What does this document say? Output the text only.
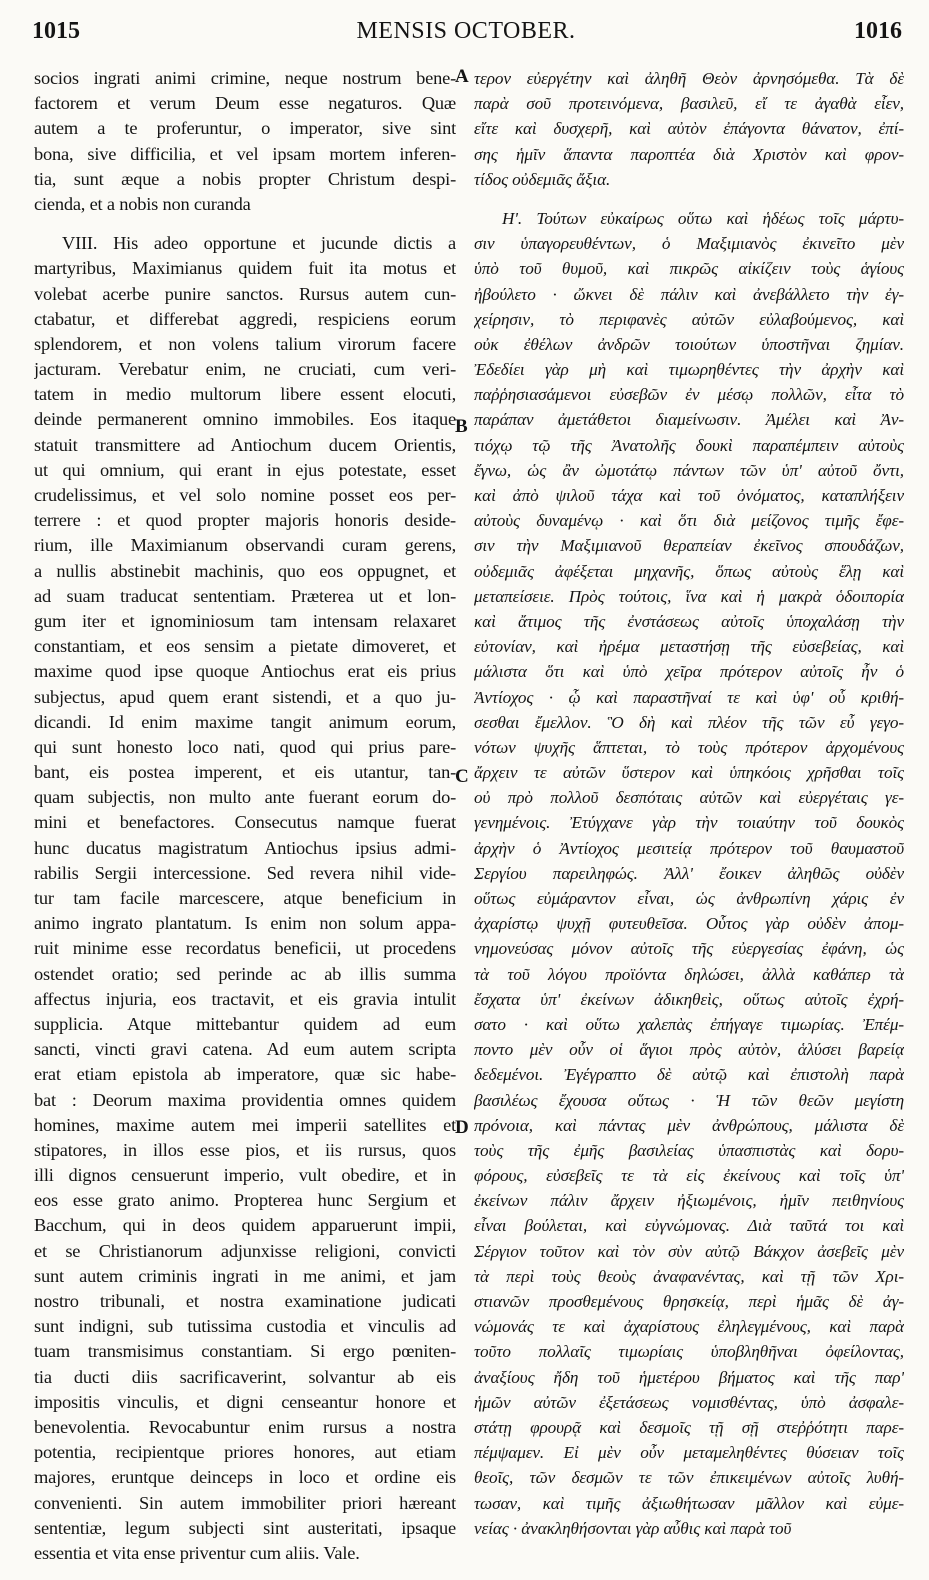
1015	MENSIS OCTOBER.	1016
socios ingrati animi crimine, neque nostrum bene-
factorem et verum Deum esse negaturos. Quæ
autem a te proferuntur, o imperator, sive sint
bona, sive difficilia, et vel ipsam mortem inferen-
tia, sunt æque a nobis propter Christum despi-
cienda, et a nobis non curanda
VIII. His adeo opportune et jucunde dictis a
martyribus, Maximianus quidem fuit ita motus et
volebat acerbe punire sanctos. Rursus autem cun-
ctabatur, et differebat aggredi, respiciens eorum
splendorem, et non volens talium virorum facere
jacturam. Verebatur enim, ne cruciati, cum veri-
tatem in medio multorum libere essent elocuti,
deinde permanerent omnino immobiles. Eos itaque
statuit transmittere ad Antiochum ducem Orientis,
ut qui omnium, qui erant in ejus potestate, esset
crudelissimus, et vel solo nomine posset eos per-
terrere : et quod propter majoris honoris deside-
rium, ille Maximianum observandi curam gerens,
a nullis abstinebit machinis, quo eos oppugnet, et
ad suam traducat sententiam. Præterea ut et lon-
gum iter et ignominiosum tam intensam relaxaret
constantiam, et eos sensim a pietate dimoveret, et
maxime quod ipse quoque Antiochus erat eis prius
subjectus, apud quem erant sistendi, et a quo ju-
dicandi. Id enim maxime tangit animum eorum,
qui sunt honesto loco nati, quod qui prius pare-
bant, eis postea imperent, et eis utantur, tan-
quam subjectis, non multo ante fuerant eorum do-
mini et benefactores. Consecutus namque fuerat
hunc ducatus magistratum Antiochus ipsius admi-
rabilis Sergii intercessione. Sed revera nihil vide-
tur tam facile marcescere, atque beneficium in
animo ingrato plantatum. Is enim non solum appa-
ruit minime esse recordatus beneficii, ut procedens
ostendet oratio; sed perinde ac ab illis summa
affectus injuria, eos tractavit, et eis gravia intulit
supplicia. Atque mittebantur quidem ad eum
sancti, vincti gravi catena. Ad eum autem scripta
erat etiam epistola ab imperatore, quæ sic habe-
bat : Deorum maxima providentia omnes quidem
homines, maxime autem mei imperii satellites et
stipatores, in illos esse pios, et iis rursus, quos
illi dignos censuerunt imperio, vult obedire, et in
eos esse grato animo. Propterea hunc Sergium et
Bacchum, qui in deos quidem apparuerunt impii,
et se Christianorum adjunxisse religioni, convicti
sunt autem criminis ingrati in me animi, et jam
nostro tribunali, et nostra examinatione judicati
sunt indigni, sub tutissima custodia et vinculis ad
tuam transmisimus constantiam. Si ergo pœniten-
tia ducti diis sacrificaverint, solvantur ab eis
impositis vinculis, et digni censeantur honore et
benevolentia. Revocabuntur enim rursus a nostra
potentia, recipientque priores honores, aut etiam
majores, eruntque deinceps in loco et ordine eis
convenienti. Sin autem immobiliter priori hæreant
sententiæ, legum subjecti sint austeritati, ipsaque
essentia et vita ense priventur cum aliis. Vale.
τερον εὐεργέτην καὶ ἀληθῆ Θεὸν ἀρνησόμεθα. Τὰ δὲ
παρὰ σοῦ προτεινόμενα, βασιλεῦ, εἴ τε ἀγαθὰ εἶεν,
εἴτε καὶ δυσχερῆ, καὶ αὐτὸν ἐπάγοντα θάνατον, ἐπί-
σης ἡμῖν ἅπαντα παροπτέα διὰ Χριστὸν καὶ φρον-
τίδος οὐδεμιᾶς ἄξια.
Η'. Τούτων εὐκαίρως οὕτω καὶ ἡδέως τοῖς μάρτυ-
σιν ὑπαγορευθέντων, ὁ Μαξιμιανὸς ἐκινεῖτο μὲν
ὑπὸ τοῦ θυμοῦ, καὶ πικρῶς αἰκίζειν τοὺς ἁγίους
ἠβούλετο · ὤκνει δὲ πάλιν καὶ ἀνεβάλλετο τὴν ἐγ-
χείρησιν, τὸ περιφανὲς αὐτῶν εὐλαβούμενος, καὶ
οὐκ ἐθέλων ἀνδρῶν τοιούτων ὑποστῆναι ζημίαν.
Ἐδεδίει γὰρ μὴ καὶ τιμωρηθέντες τὴν ἀρχὴν καὶ
παῤῥησιασάμενοι εὐσεβῶν ἐν μέσῳ πολλῶν, εἶτα τὸ
παράπαν ἀμετάθετοι διαμείνωσιν. Ἀμέλει καὶ Ἀν-
τιόχῳ τῷ τῆς Ἀνατολῆς δουκὶ παραπέμπειν αὐτοὺς
ἔγνω, ὡς ἂν ὠμοτάτῳ πάντων τῶν ὑπ' αὐτοῦ ὄντι,
καὶ ἀπὸ ψιλοῦ τάχα καὶ τοῦ ὀνόματος, καταπλήξειν
αὐτοὺς δυναμένῳ · καὶ ὅτι διὰ μείζονος τιμῆς ἔφε-
σιν τὴν Μαξιμιανοῦ θεραπείαν ἐκεῖνος σπουδάζων,
οὐδεμιᾶς ἀφέξεται μηχανῆς, ὅπως αὐτοὺς ἕλῃ καὶ
μεταπείσειε. Πρὸς τούτοις, ἵνα καὶ ἡ μακρὰ ὁδοιπορία
καὶ ἄτιμος τῆς ἐνστάσεως αὐτοῖς ὑποχαλάσῃ τὴν
εὐτονίαν, καὶ ἠρέμα μεταστήσῃ τῆς εὐσεβείας, καὶ
μάλιστα ὅτι καὶ ὑπὸ χεῖρα πρότερον αὐτοῖς ἦν ὁ
Ἀντίοχος · ᾧ καὶ παραστῆναί τε καὶ ὑφ' οὗ κριθή-
σεσθαι ἔμελλον. Ὃ δὴ καὶ πλέον τῆς τῶν εὖ γεγο-
νότων ψυχῆς ἅπτεται, τὸ τοὺς πρότερον ἀρχομένους
ἄρχειν τε αὐτῶν ὕστερον καὶ ὑπηκόοις χρῆσθαι τοῖς
οὐ πρὸ πολλοῦ δεσπόταις αὐτῶν καὶ εὐεργέταις γε-
γενημένοις. Ἐτύγχανε γὰρ τὴν τοιαύτην τοῦ δουκὸς
ἀρχὴν ὁ Ἀντίοχος μεσιτείᾳ πρότερον τοῦ θαυμαστοῦ
Σεργίου παρειληφώς. Ἀλλ' ἔοικεν ἀληθῶς οὐδὲν
οὕτως εὐμάραντον εἶναι, ὡς ἀνθρωπίνη χάρις ἐν
ἀχαρίστῳ ψυχῇ φυτευθεῖσα. Οὗτος γὰρ οὐδὲν ἀπομ-
νημονεύσας μόνον αὐτοῖς τῆς εὐεργεσίας ἐφάνη, ὡς
τὰ τοῦ λόγου προϊόντα δηλώσει, ἀλλὰ καθάπερ τὰ
ἔσχατα ὑπ' ἐκείνων ἀδικηθεὶς, οὕτως αὐτοῖς ἐχρή-
σατο · καὶ οὕτω χαλεπὰς ἐπήγαγε τιμωρίας. Ἐπέμ-
ποντο μὲν οὖν οἱ ἅγιοι πρὸς αὐτὸν, ἁλύσει βαρείᾳ
δεδεμένοι. Ἐγέγραπτο δὲ αὐτῷ καὶ ἐπιστολὴ παρὰ
βασιλέως ἔχουσα οὕτως · Ἡ τῶν θεῶν μεγίστη
πρόνοια, καὶ πάντας μὲν ἀνθρώπους, μάλιστα δὲ
τοὺς τῆς ἐμῆς βασιλείας ὑπασπιστὰς καὶ δορυ-
φόρους, εὐσεβεῖς τε τὰ εἰς ἐκείνους καὶ τοῖς ὑπ'
ἐκείνων πάλιν ἄρχειν ἠξιωμένοις, ἡμῖν πειθηνίους
εἶναι βούλεται, καὶ εὐγνώμονας. Διὰ ταῦτά τοι καὶ
Σέργιον τοῦτον καὶ τὸν σὺν αὐτῷ Βάκχον ἀσεβεῖς μὲν
τὰ περὶ τοὺς θεοὺς ἀναφανέντας, καὶ τῇ τῶν Χρι-
στιανῶν προσθεμένους θρησκείᾳ, περὶ ἡμᾶς δὲ ἀγ-
νώμονάς τε καὶ ἀχαρίστους ἐληλεγμένους, καὶ παρὰ
τοῦτο πολλαῖς τιμωρίαις ὑποβληθῆναι ὀφείλοντας,
ἀναξίους ἤδη τοῦ ἡμετέρου βήματος καὶ τῆς παρ'
ἡμῶν αὐτῶν ἐξετάσεως νομισθέντας, ὑπὸ ἀσφαλε-
στάτῃ φρουρᾷ καὶ δεσμοῖς τῇ σῇ στεῤῥότητι παρε-
πέμψαμεν. Εἰ μὲν οὖν μεταμεληθέντες θύσειαν τοῖς
θεοῖς, τῶν δεσμῶν τε τῶν ἐπικειμένων αὐτοῖς λυθή-
τωσαν, καὶ τιμῆς ἀξιωθήτωσαν μᾶλλον καὶ εὐμε-
νείας · ἀνακληθήσονται γὰρ αὖθις καὶ παρὰ τοῦ
A
B
C
D
